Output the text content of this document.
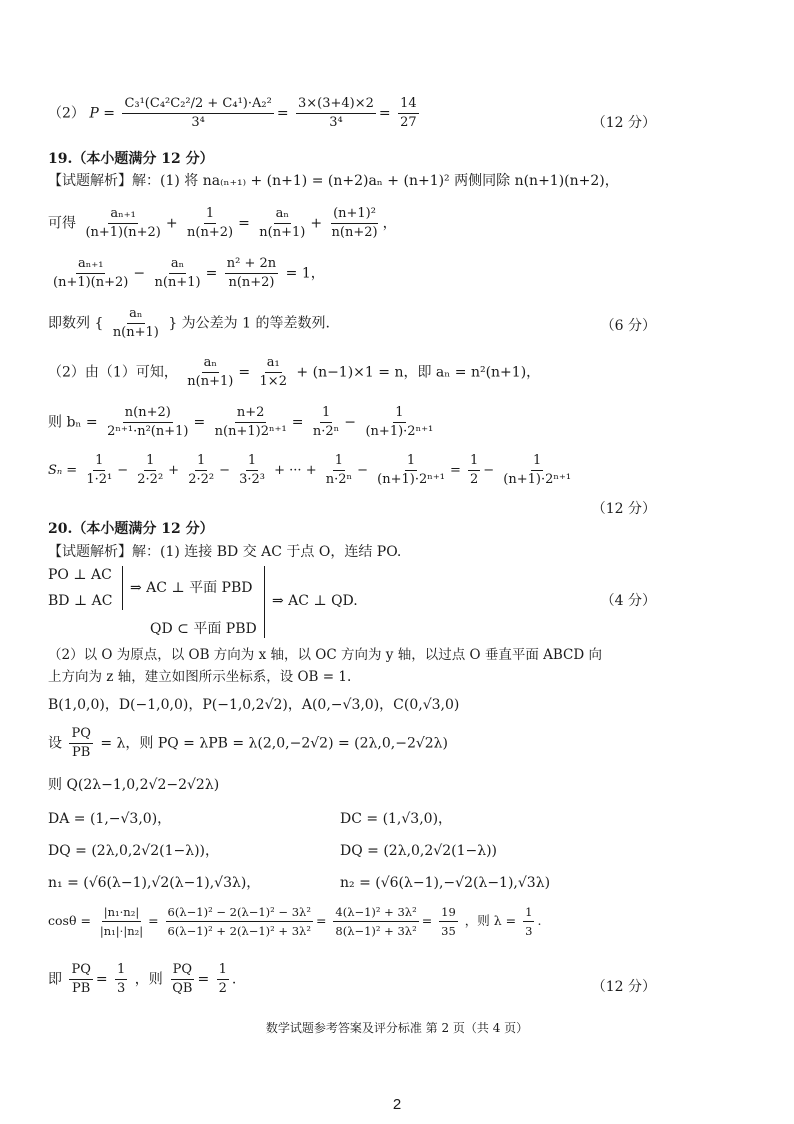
（2） $P = \frac{\text{C₃¹(C₄²C₂²/2 + C₄¹)·A₂²}}{\text{3⁴}} = \frac{3\times(3+4)\times 2}{\text{3⁴}} = \frac{14}{27}$	（12 分）
19.（本小题满分 12 分）
【试题解析】解：(1) 将 na₍ₙ₊₁₎ + (n+1) = (n+2)aₙ + (n+1)² 两侧同除 n(n+1)(n+2)，
可得 $\frac{\text{aₙ₊₁}}{(n+1)(n+2)} + \frac{1}{n(n+2)} = \frac{\text{aₙ}}{n(n+1)} + \frac{\text{(n+1)²}}{n(n+2)}$ ，
$\frac{\text{aₙ₊₁}}{(n+1)(n+2)} - \frac{\text{aₙ}}{n(n+1)} = \frac{\text{n² + 2n}}{n(n+2)} = 1$，
即数列 { $\frac{\text{aₙ}}{n(n+1)}$ } 为公差为 1 的等差数列.	（6 分）
（2）由（1）可知， $\frac{\text{aₙ}}{n(n+1)} = \frac{\text{a₁}}{1\times 2} + (n-1)\times 1 = n$，即 aₙ = n²(n+1)，
则 $b_n = \frac{n(n+2)}{\text{2ⁿ⁺¹·n²(n+1)}} = \frac{n+2}{\text{n(n+1)2ⁿ⁺¹}} = \frac{1}{\text{n·2ⁿ}} - \frac{1}{\text{(n+1)·2ⁿ⁺¹}}$
$S_n = \frac{1}{\text{1·2¹}} - \frac{1}{\text{2·2²}} + \frac{1}{\text{2·2²}} - \frac{1}{\text{3·2³}}$ + ··· + $\frac{1}{\text{n·2ⁿ}} - \frac{1}{\text{(n+1)·2ⁿ⁺¹}} = \frac{1}{2} - \frac{1}{\text{(n+1)·2ⁿ⁺¹}}$
（12 分）
20.（本小题满分 12 分）
【试题解析】解：(1) 连接 BD 交 AC 于点 O，连结 PO.
PO ⊥ AC
BD ⊥ AC
⇒ AC ⊥ 平面 PBD
QD ⊂ 平面 PBD
⇒ AC ⊥ QD.	（4 分）
（2）以 O 为原点，以 OB 方向为 x 轴，以 OC 方向为 y 轴，以过点 O 垂直平面 ABCD 向
上方向为 z 轴，建立如图所示坐标系，设 OB = 1.
B(1,0,0)，D(−1,0,0)，P(−1,0,2√2)，A(0,−√3,0)，C(0,√3,0)
设 $\frac{PQ}{PB} = \lambda$，则 PQ = λPB = λ(2,0,−2√2) = (2λ,0,−2√2λ)
则 Q(2λ−1,0,2√2−2√2λ)
DA = (1,−√3,0)，	DC = (1,√3,0)，
DQ = (2λ,0,2√2(1−λ))，	DQ = (2λ,0,2√2(1−λ))
n₁ = (√6(λ−1),√2(λ−1),√3λ)，	n₂ = (√6(λ−1),−√2(λ−1),√3λ)
$\cos\theta = \frac{\text{|n₁·n₂|}}{\text{|n₁|·|n₂|}} = \frac{\text{6(λ−1)² − 2(λ−1)² − 3λ²}}{\text{6(λ−1)² + 2(λ−1)² + 3λ²}} = \frac{\text{4(λ−1)² + 3λ²}}{\text{8(λ−1)² + 3λ²}} = \frac{19}{35}$ ，则 $\lambda = \frac{1}{3}$ .
即 $\frac{PQ}{PB} = \frac{1}{3}$ ，则 $\frac{PQ}{QB} = \frac{1}{2}$ .	（12 分）
数学试题参考答案及评分标准 第 2 页（共 4 页）
2
